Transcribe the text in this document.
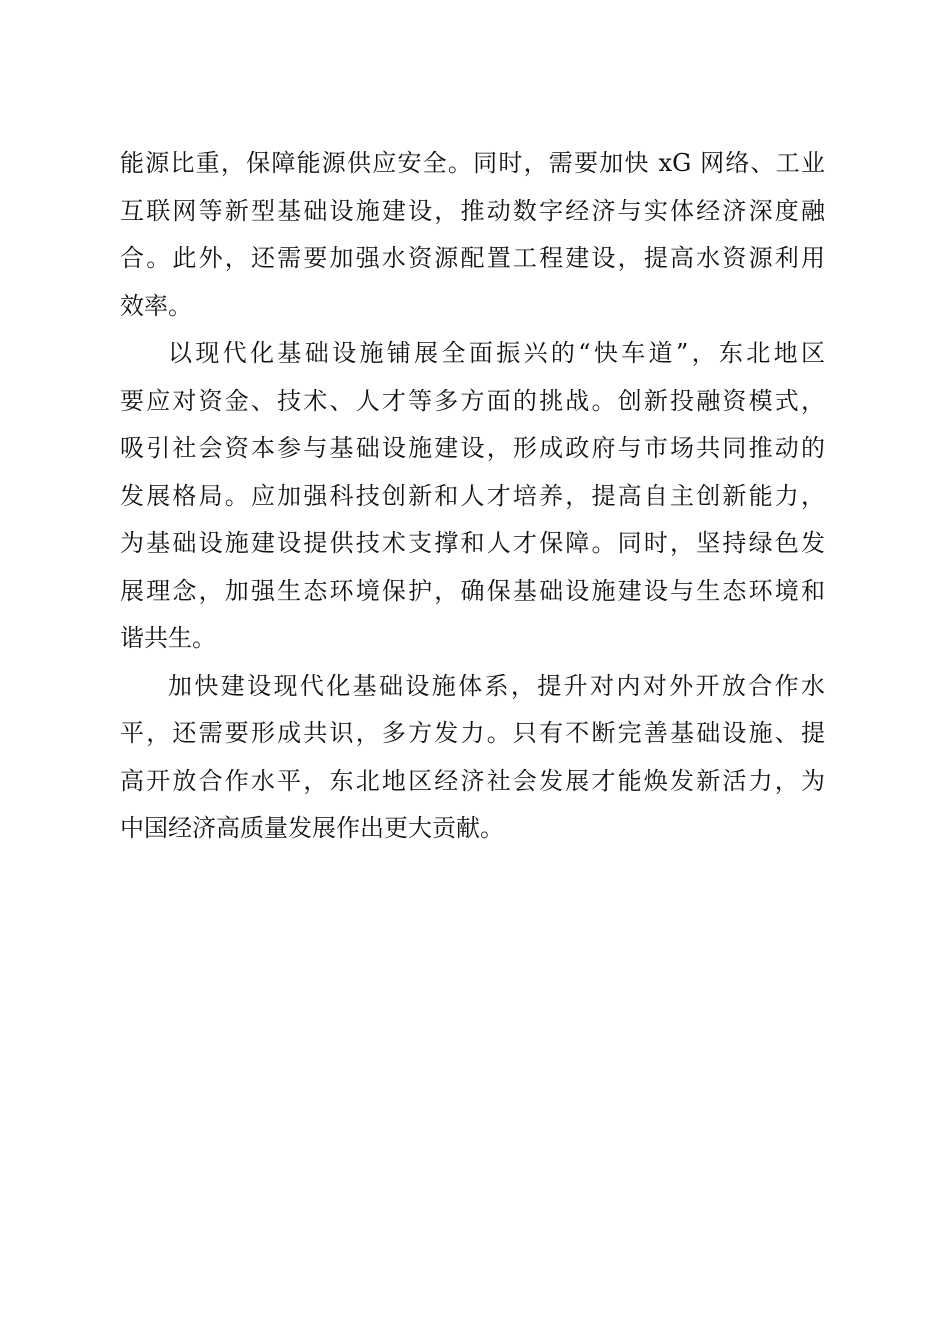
能源比重，保障能源供应安全。同时，需要加快 xG 网络、工业
互联网等新型基础设施建设，推动数字经济与实体经济深度融
合。此外，还需要加强水资源配置工程建设，提高水资源利用
效率。
以现代化基础设施铺展全面振兴的“快车道”，东北地区
要应对资金、技术、人才等多方面的挑战。创新投融资模式，
吸引社会资本参与基础设施建设，形成政府与市场共同推动的
发展格局。应加强科技创新和人才培养，提高自主创新能力，
为基础设施建设提供技术支撑和人才保障。同时，坚持绿色发
展理念，加强生态环境保护，确保基础设施建设与生态环境和
谐共生。
加快建设现代化基础设施体系，提升对内对外开放合作水
平，还需要形成共识，多方发力。只有不断完善基础设施、提
高开放合作水平，东北地区经济社会发展才能焕发新活力，为
中国经济高质量发展作出更大贡献。
